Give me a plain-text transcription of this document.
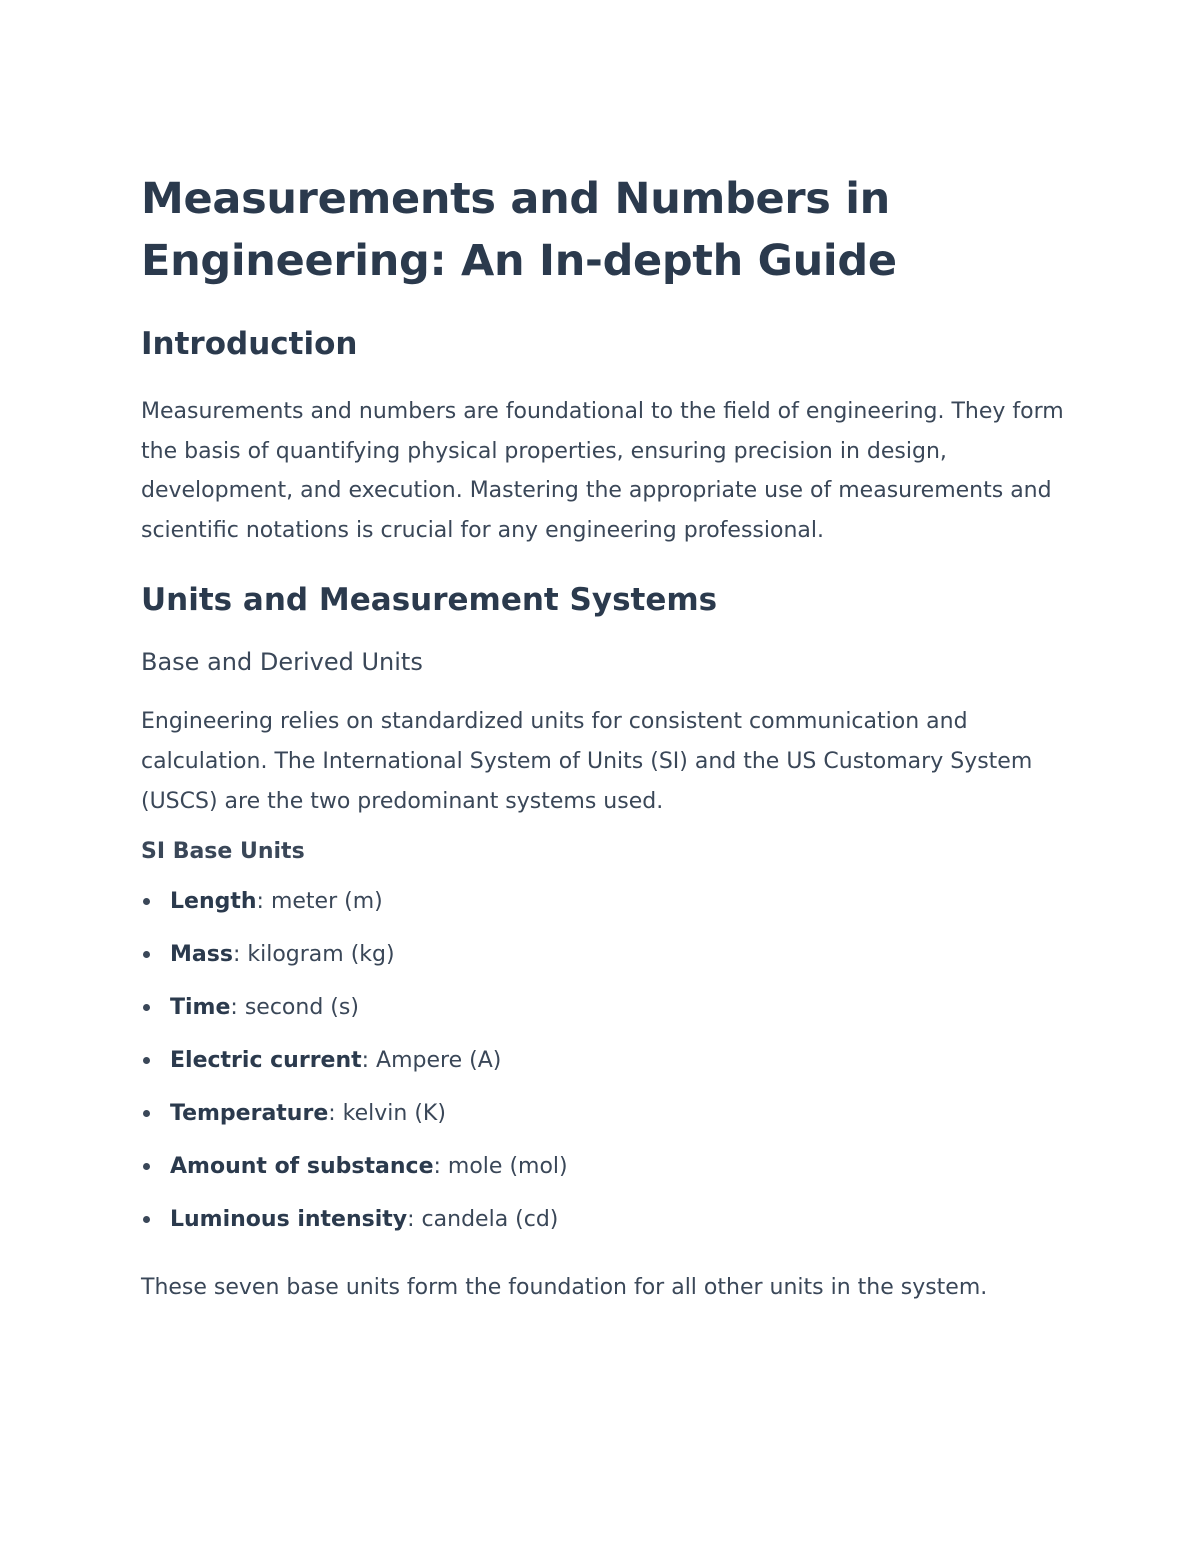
Measurements and Numbers in
Engineering: An In-depth Guide
Introduction

Measurements and numbers are foundational to the field of engineering. They form the basis of quantifying physical properties, ensuring precision in design, development, and execution. Mastering the appropriate use of measurements and scientific notations is crucial for any engineering professional.

Units and Measurement Systems
Base and Derived Units

Engineering relies on standardized units for consistent communication and calculation. The International System of Units (SI) and the US Customary System (USCS) are the two predominant systems used.

SI Base Units
Length: meter (m)
Mass: kilogram (kg)
Time: second (s)
Electric current: Ampere (A)
Temperature: kelvin (K)
Amount of substance: mole (mol)
Luminous intensity: candela (cd)

These seven base units form the foundation for all other units in the system.
